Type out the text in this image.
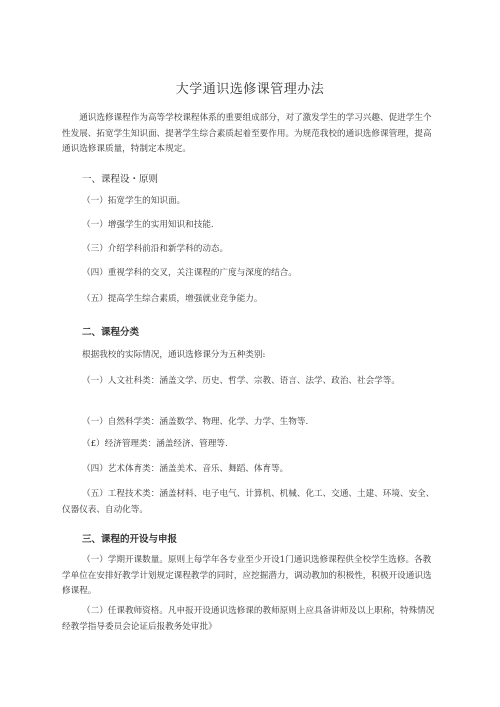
大学通识选修课管理办法

通识选修课程作为高等学校课程体系的重要组成部分，对了激发学生的学习兴趣、促进学生个性发展、拓宽学生知识面、提著学生综合素质起着至要作用。为规范我校的通识选修课管理，提高通识选修课质量，特制定本规定。

一、课程设・原则

（一）拓宽学生的知识面。

（一）增强学生的实用知识和技能.

（三）介绍学科前沿和新学科的动态。

（四）重视学科的交叉，关注课程的广度与深度的结合。

（五）提高学生综合素质，增强就业竞争能力。

二、课程分类

根据我校的实际情况，通识选修课分为五种类别:

（一）人文社科类：涵盖文学、历史、哲学、宗教、语言、法学、政治、社会学等。

（一）自然科学类：涵盖数学、物理、化学、力学、生物等.

（£）经济管理类：涵盖经济、管理等.

（四）艺术体育类：涵盖美术、音乐、舞蹈、体育等。

（五）工程技术类：涵盖材料、电子电气、计算机、机械、化工、交通、土建、环境、安全、仪器仪表、自动化等。

三、课程的开设与申报

（一）学期开课数量。原则上每学年各专业至少开设1门通识选修课程供全校学生选修。各教学单位在安排好教学计划规定课程教学的同时，应挖掘潜力，调动教加的积极性，积极开设通识选修课程。

（二）任课教师资格。凡申报开设通识选修课的教师原则上应具备讲师及以上职称，特殊情况经教学指导委员会论证后报教务处审批》
